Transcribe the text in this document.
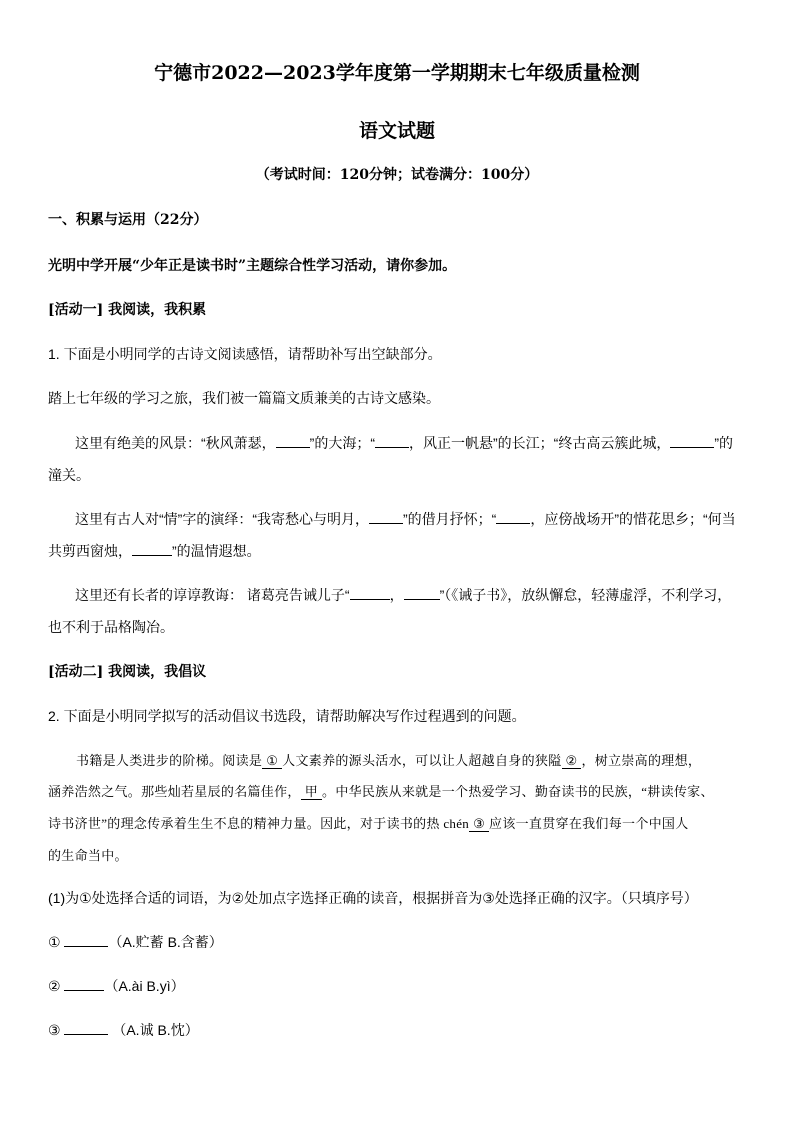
宁德市2022—2023学年度第一学期期末七年级质量检测
语文试题
（考试时间：120分钟；试卷满分：100分）
一、积累与运用（22分）
光明中学开展“少年正是读书时”主题综合性学习活动，请你参加。
[活动一] 我阅读，我积累
1. 下面是小明同学的古诗文阅读感悟，请帮助补写出空缺部分。
踏上七年级的学习之旅，我们被一篇篇文质兼美的古诗文感染。
这里有绝美的风景：“秋风萧瑟， ”的大海；“ ，风正一帆悬”的长江；“终古高云簇此城，	”的
潼关。
这里有古人对“情”字的演绎：“我寄愁心与明月， ”的借月抒怀；“ ，应傍战场开”的惜花思乡；“何当
共剪西窗烛，	”的温情遐想。
这里还有长者的谆谆教诲： 诸葛亮告诫儿子“	，	”（《诫子书》，放纵懈怠，轻薄虚浮，不利学习，
也不利于品格陶冶。
[活动二] 我阅读，我倡议
2. 下面是小明同学拟写的活动倡议书选段，请帮助解决写作过程遇到的问题。
书籍是人类进步的阶梯。阅读是 ① 人文素养的源头活水，可以让人超越自身的狭隘 ② ，树立崇高的理想，
涵养浩然之气。那些灿若星辰的名篇佳作， 甲 。中华民族从来就是一个热爱学习、勤奋读书的民族，“耕读传家、
诗书济世”的理念传承着生生不息的精神力量。因此，对于读书的热 chén ③ 应该一直贯穿在我们每一个中国人
的生命当中。
(1)为①处选择合适的词语，为②处加点字选择正确的读音，根据拼音为③处选择正确的汉字。（只填序号）
①	（A.贮蓄 B.含蓄）
②	（A.ài B.yì）
③	（A.诚 B.忱）
